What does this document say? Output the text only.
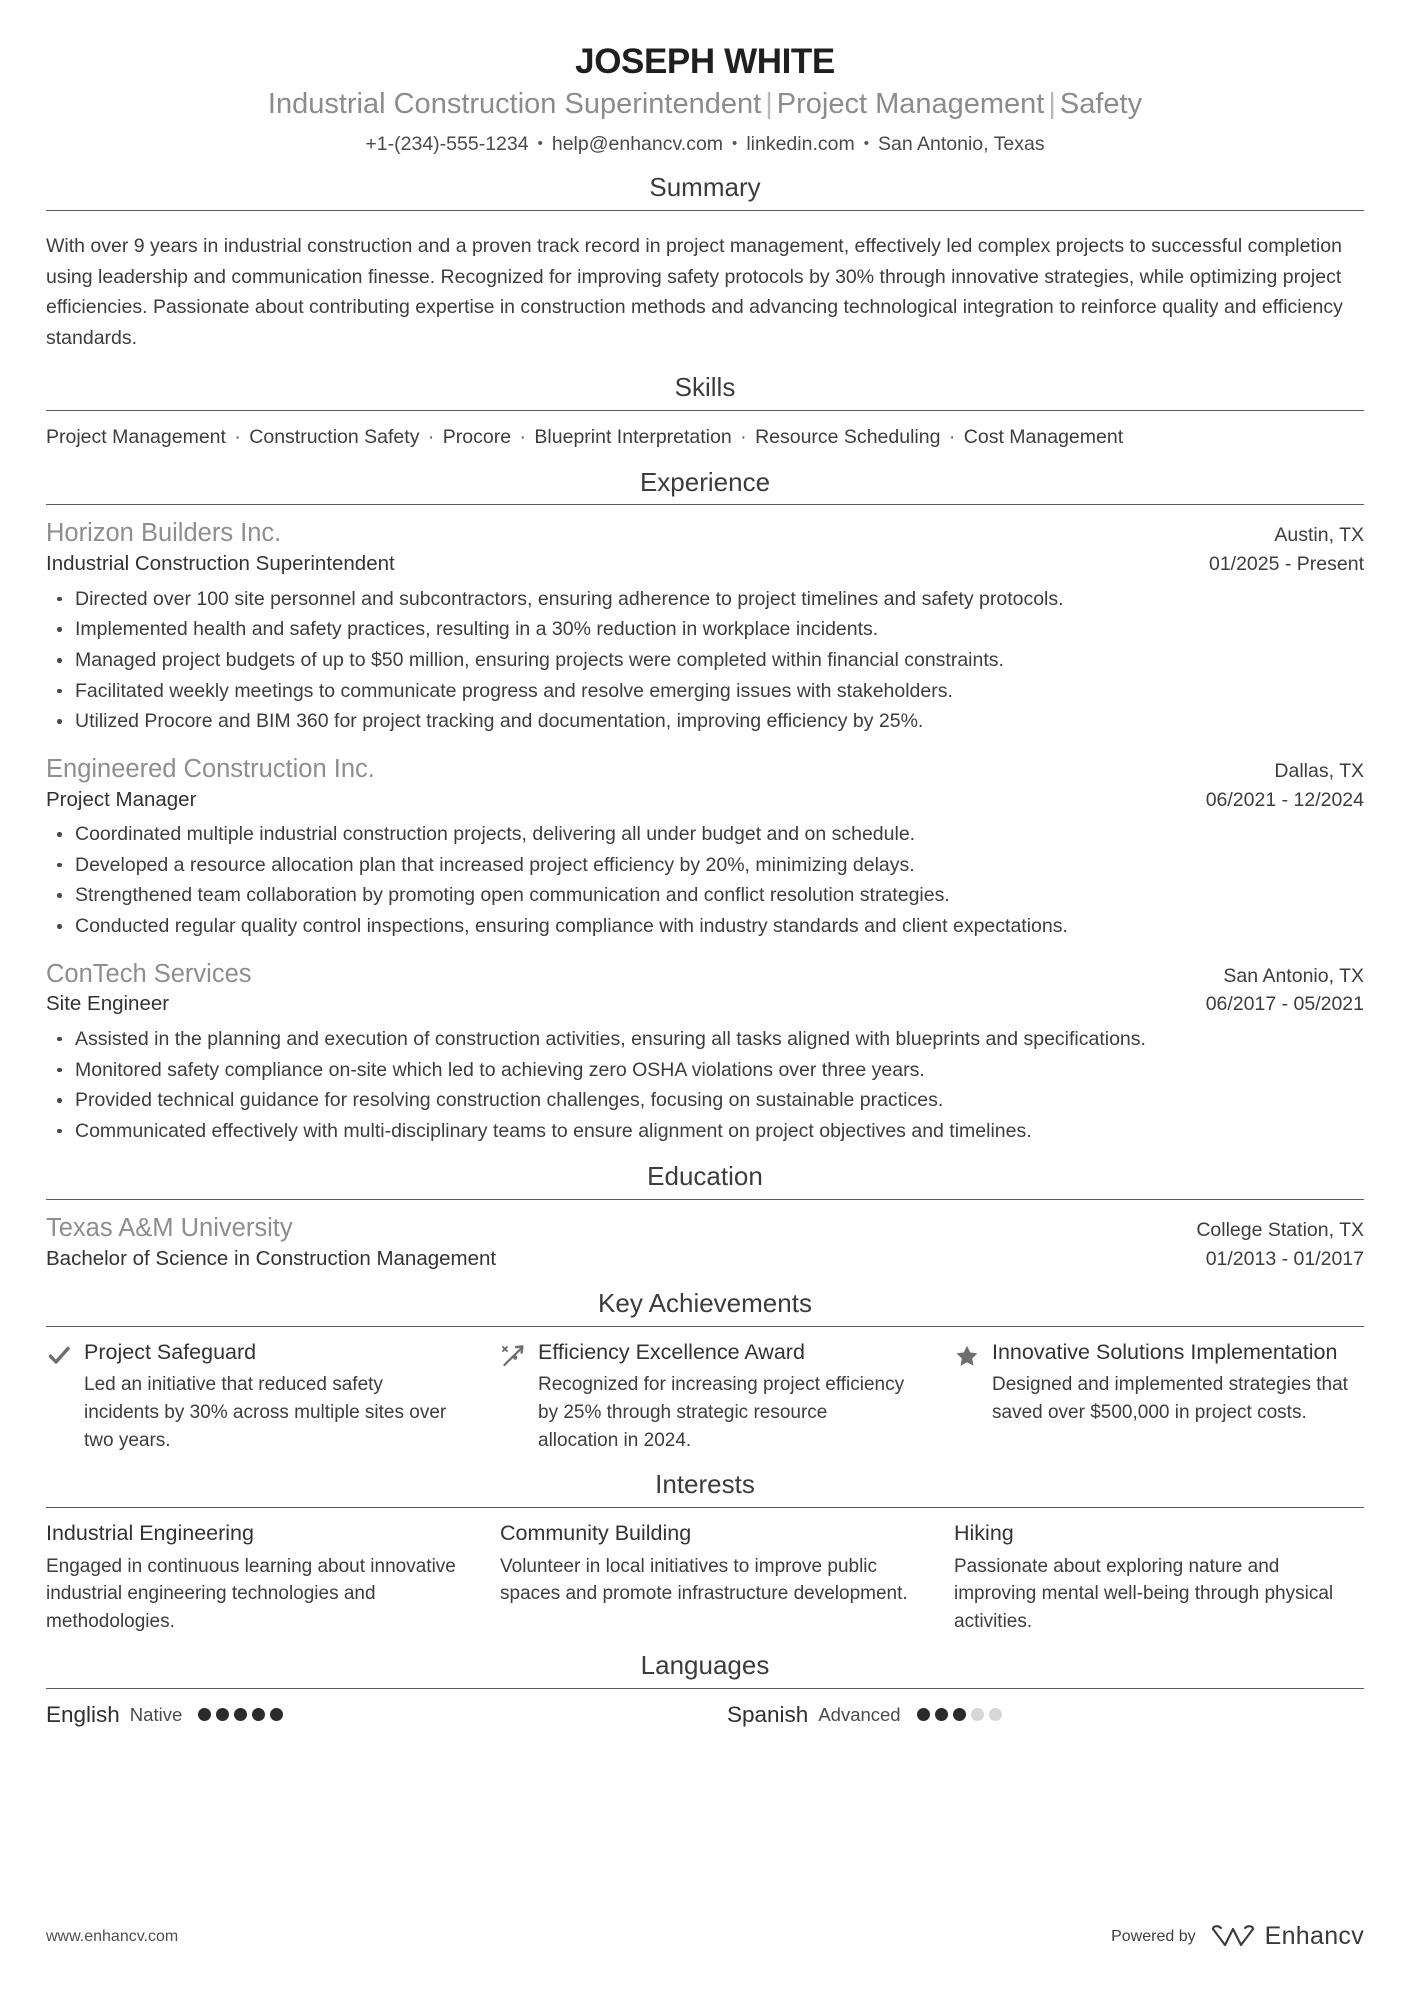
JOSEPH WHITE
Industrial Construction Superintendent | Project Management | Safety
+1-(234)-555-1234 • help@enhancv.com • linkedin.com • San Antonio, Texas
Summary

With over 9 years in industrial construction and a proven track record in project management, effectively led complex projects to successful completion using leadership and communication finesse. Recognized for improving safety protocols by 30% through innovative strategies, while optimizing project efficiencies. Passionate about contributing expertise in construction methods and advancing technological integration to reinforce quality and efficiency standards.

Skills
Project Management · Construction Safety · Procore · Blueprint Interpretation · Resource Scheduling · Cost Management
Experience
Horizon Builders Inc.	Austin, TX
Industrial Construction Superintendent	01/2025 - Present
Directed over 100 site personnel and subcontractors, ensuring adherence to project timelines and safety protocols.
Implemented health and safety practices, resulting in a 30% reduction in workplace incidents.
Managed project budgets of up to $50 million, ensuring projects were completed within financial constraints.
Facilitated weekly meetings to communicate progress and resolve emerging issues with stakeholders.
Utilized Procore and BIM 360 for project tracking and documentation, improving efficiency by 25%.
Engineered Construction Inc.	Dallas, TX
Project Manager	06/2021 - 12/2024
Coordinated multiple industrial construction projects, delivering all under budget and on schedule.
Developed a resource allocation plan that increased project efficiency by 20%, minimizing delays.
Strengthened team collaboration by promoting open communication and conflict resolution strategies.
Conducted regular quality control inspections, ensuring compliance with industry standards and client expectations.
ConTech Services	San Antonio, TX
Site Engineer	06/2017 - 05/2021
Assisted in the planning and execution of construction activities, ensuring all tasks aligned with blueprints and specifications.
Monitored safety compliance on-site which led to achieving zero OSHA violations over three years.
Provided technical guidance for resolving construction challenges, focusing on sustainable practices.
Communicated effectively with multi-disciplinary teams to ensure alignment on project objectives and timelines.
Education
Texas A&M University	College Station, TX
Bachelor of Science in Construction Management	01/2013 - 01/2017
Key Achievements
Project Safeguard
Led an initiative that reduced safety incidents by 30% across multiple sites over two years.
Efficiency Excellence Award
Recognized for increasing project efficiency by 25% through strategic resource allocation in 2024.
Innovative Solutions Implementation
Designed and implemented strategies that saved over $500,000 in project costs.
Interests
Industrial Engineering
Engaged in continuous learning about innovative industrial engineering technologies and methodologies.
Community Building
Volunteer in local initiatives to improve public spaces and promote infrastructure development.
Hiking
Passionate about exploring nature and improving mental well-being through physical activities.
Languages
English Native	Spanish Advanced
www.enhancv.com	Powered by	Enhancv
